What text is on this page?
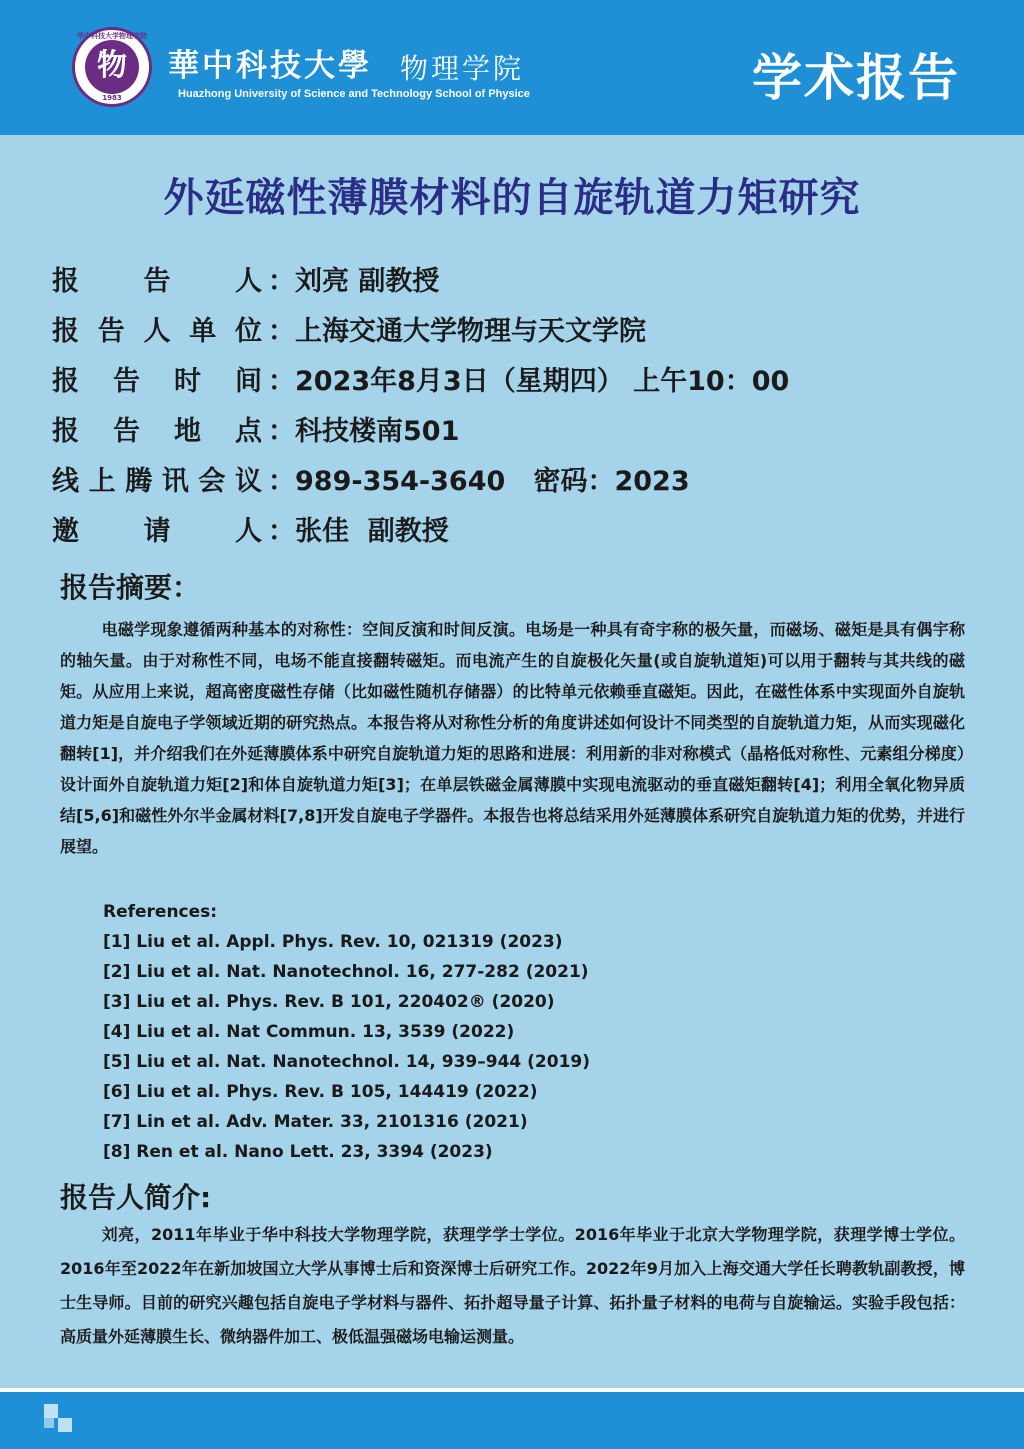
华中科技大学物理学院
物
1983
華中科技大學 物理学院
Huazhong University of Science and Technology School of Physice	学术报告
外延磁性薄膜材料的自旋轨道力矩研究
报 告 人 ：刘亮 副教授
报 告 人 单 位 ：上海交通大学物理与天文学院
报 告 时 间 ：2023年8月3日（星期四） 上午10：00
报 告 地 点 ：科技楼南501
线 上 腾 讯 会 议 ：989-354-3640   密码：2023
邀 请 人 ：张佳  副教授
报告摘要：

电磁学现象遵循两种基本的对称性：空间反演和时间反演。电场是一种具有奇宇称的极矢量，而磁场、磁矩是具有偶宇称的轴矢量。由于对称性不同，电场不能直接翻转磁矩。而电流产生的自旋极化矢量(或自旋轨道矩)可以用于翻转与其共线的磁矩。从应用上来说，超高密度磁性存储（比如磁性随机存储器）的比特单元依赖垂直磁矩。因此，在磁性体系中实现面外自旋轨道力矩是自旋电子学领域近期的研究热点。本报告将从对称性分析的角度讲述如何设计不同类型的自旋轨道力矩，从而实现磁化翻转[1]，并介绍我们在外延薄膜体系中研究自旋轨道力矩的思路和进展：利用新的非对称模式（晶格低对称性、元素组分梯度）设计面外自旋轨道力矩[2]和体自旋轨道力矩[3]；在单层铁磁金属薄膜中实现电流驱动的垂直磁矩翻转[4]；利用全氧化物异质结[5,6]和磁性外尔半金属材料[7,8]开发自旋电子学器件。本报告也将总结采用外延薄膜体系研究自旋轨道力矩的优势，并进行展望。

References:
[1] Liu et al. Appl. Phys. Rev. 10, 021319 (2023)
[2] Liu et al. Nat. Nanotechnol. 16, 277-282 (2021)
[3] Liu et al. Phys. Rev. B 101, 220402® (2020)
[4] Liu et al. Nat Commun. 13, 3539 (2022)
[5] Liu et al. Nat. Nanotechnol. 14, 939–944 (2019)
[6] Liu et al. Phys. Rev. B 105, 144419 (2022)
[7] Lin et al. Adv. Mater. 33, 2101316 (2021)
[8] Ren et al. Nano Lett. 23, 3394 (2023)
报告人简介:

刘亮，2011年毕业于华中科技大学物理学院，获理学学士学位。2016年毕业于北京大学物理学院，获理学博士学位。2016年至2022年在新加坡国立大学从事博士后和资深博士后研究工作。2022年9月加入上海交通大学任长聘教轨副教授，博士生导师。目前的研究兴趣包括自旋电子学材料与器件、拓扑超导量子计算、拓扑量子材料的电荷与自旋输运。实验手段包括：高质量外延薄膜生长、微纳器件加工、极低温强磁场电输运测量。
